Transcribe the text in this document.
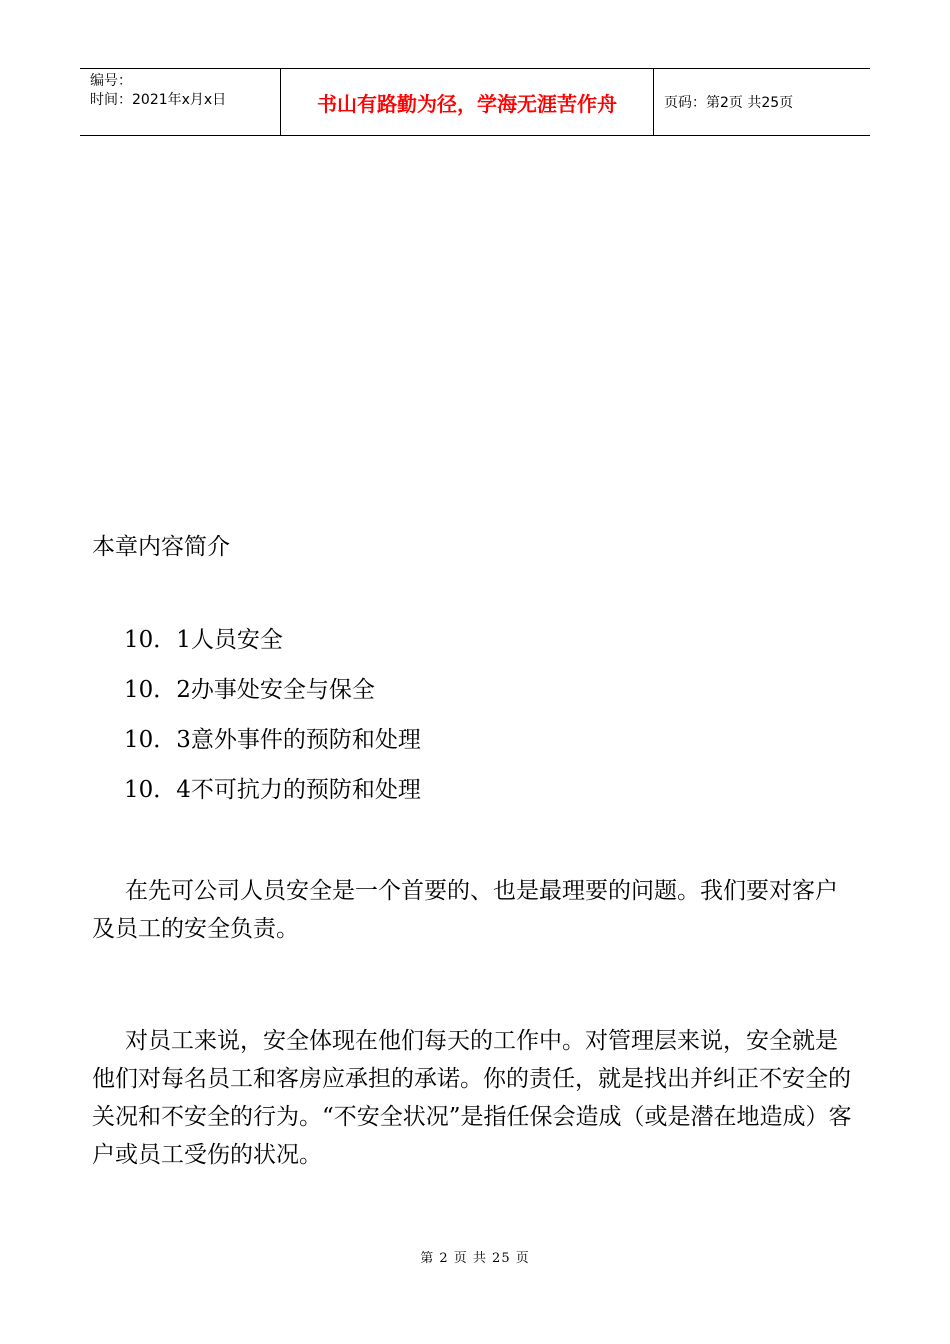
编号：
时间：2021年x月x日	书山有路勤为径，学海无涯苦作舟	页码：第2页 共25页
本章内容简介
10．1人员安全
10．2办事处安全与保全
10．3意外事件的预防和处理
10．4不可抗力的预防和处理

在先可公司人员安全是一个首要的、也是最理要的问题。我们要对客户及员工的安全负责。

对员工来说，安全体现在他们每天的工作中。对管理层来说，安全就是他们对每名员工和客房应承担的承诺。你的责任，就是找出并纠正不安全的关况和不安全的行为。“不安全状况”是指任保会造成（或是潜在地造成）客户或员工受伤的状况。

第 2 页 共 25 页
